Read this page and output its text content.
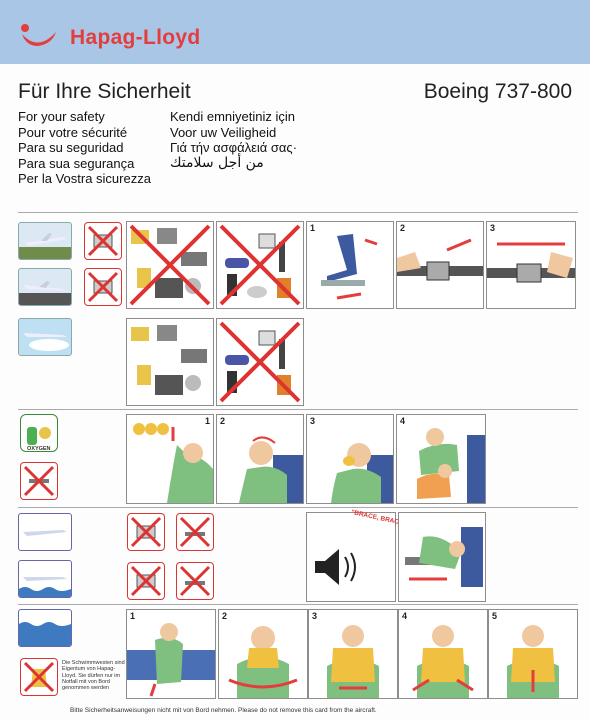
Hapag-Lloyd
Für Ihre Sicherheit	Boeing 737-800
For your safety
Pour votre sécurité
Para su seguridad
Para sua segurança
Per la Vostra sicurezza
Kendi emniyetiniz için
Voor uw Veiligheid
Γιά τήν ασφάλειά σας·
من أجل سلامتك
1	2	3
OXYGEN
1 2	3	4
"BRACE, BRACE
Die Schwimmwesten sind Eigentum von Hapag-Lloyd. Sie dürfen nur im Notfall mit von Bord genommen werden
1	2	3	4	5
Bitte Sicherheitsanweisungen nicht mit von Bord nehmen. Please do not remove this card from the aircraft.
